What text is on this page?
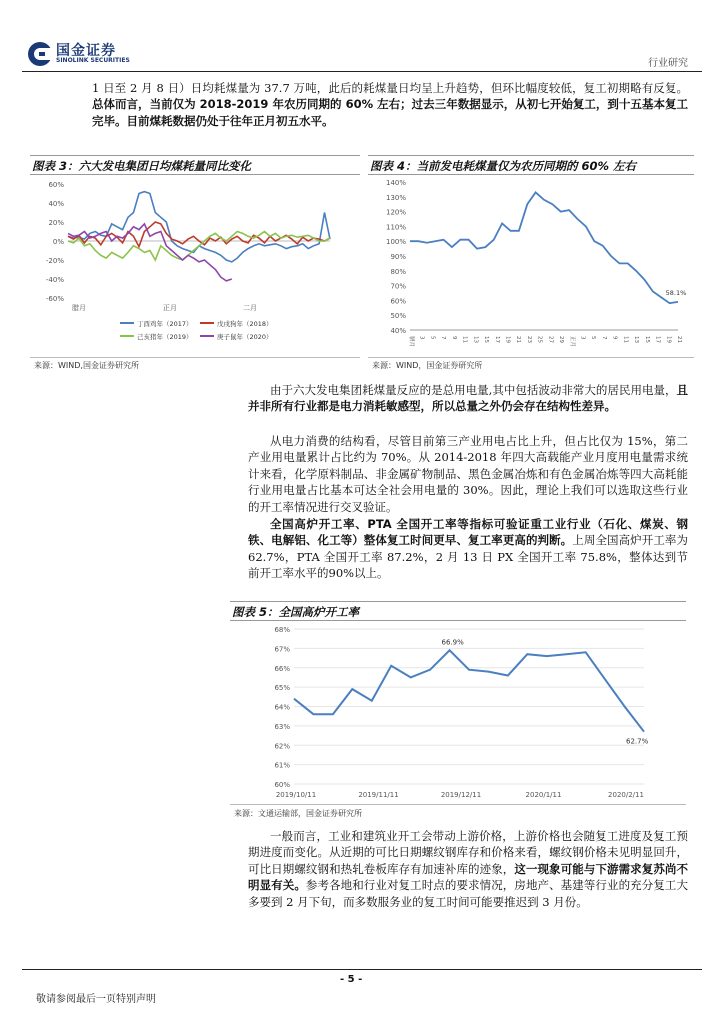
国金证券
SINOLINK SECURITIES	行业研究
1 日至 2 月 8 日）日均耗煤量为 37.7 万吨，此后的耗煤量日均呈上升趋势，但环比幅度较低，复工初期略有反复。总体而言，当前仅为 2018-2019 年农历同期的 60% 左右；过去三年数据显示，从初七开始复工，到十五基本复工完毕。目前煤耗数据仍处于往年正月初五水平。
图表 3：六大发电集团日均煤耗量同比变化
60%
40%
20%
0%
-20%
-40%
-60%
腊月	正月	二月
丁酉鸡年（2017）	戊戌狗年（2018）
己亥猪年（2019）	庚子鼠年（2020）
来源：WIND,国金证券研究所
图表 4：当前发电耗煤量仅为农历同期的 60% 左右
140%
130%
120%
110%
100%
90%
80%
70%
60%
50%
40%
腊月 3 5 7 9 11 13 15 17 19 21 23 25 27 29 正月 3 5 7 9 11 13 15 17 19 21
58.1%
来源：WIND，国金证券研究所
由于六大发电集团耗煤量反应的是总用电量,其中包括波动非常大的居民用电量，且并非所有行业都是电力消耗敏感型，所以总量之外仍会存在结构性差异。
从电力消费的结构看，尽管目前第三产业用电占比上升，但占比仅为 15%，第二产业用电量累计占比约为 70%。从 2014-2018 年四大高载能产业月度用电量需求统计来看，化学原料制品、非金属矿物制品、黑色金属冶炼和有色金属冶炼等四大高耗能行业用电量占比基本可达全社会用电量的 30%。因此，理论上我们可以选取这些行业的开工率情况进行交叉验证。
全国高炉开工率、PTA 全国开工率等指标可验证重工业行业（石化、煤炭、钢铁、电解铝、化工等）整体复工时间更早、复工率更高的判断。上周全国高炉开工率为 62.7%，PTA 全国开工率 87.2%，2 月 13 日 PX 全国开工率 75.8%，整体达到节前开工率水平的90%以上。
图表 5：全国高炉开工率
68%
67%
66%
65%
64%
63%
62%
61%
60%
2019/10/11	2019/11/11	2019/12/11	2020/1/11	2020/2/11
66.9%
62.7%
来源：文通运输部，国金证券研究所
一般而言，工业和建筑业开工会带动上游价格，上游价格也会随复工进度及复工预期进度而变化。从近期的可比日期螺纹钢库存和价格来看，螺纹钢价格未见明显回升，可比日期螺纹钢和热轧卷板库存有加速补库的迹象，这一现象可能与下游需求复苏尚不明显有关。参考各地和行业对复工时点的要求情况，房地产、基建等行业的充分复工大多要到 2 月下旬，而多数服务业的复工时间可能要推迟到 3 月份。
- 5 -
敬请参阅最后一页特别声明
